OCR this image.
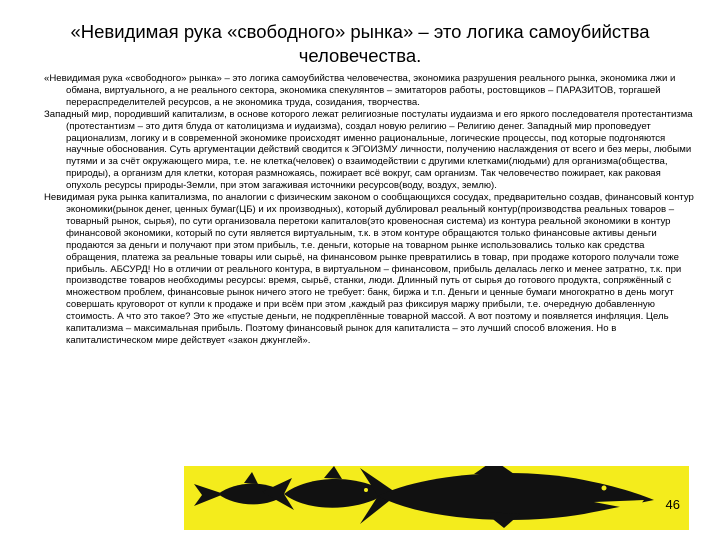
«Невидимая рука «свободного» рынка» – это логика самоубийства человечества.

«Невидимая рука «свободного» рынка» – это логика самоубийства человечества, экономика разрушения реального рынка, экономика лжи и обмана, виртуального, а не реального сектора, экономика спекулянтов – эмитаторов работы, ростовщиков – ПАРАЗИТОВ, торгашей перераспределителей ресурсов, а не экономика труда, созидания, творчества.

Западный мир, породивший капитализм, в основе которого лежат религиозные постулаты иудаизма и его яркого последователя протестантизма (протестантизм – это дитя блуда от католицизма и иудаизма), создал новую религию – Религию денег. Западный мир проповедует рационализм, логику и в современной экономике происходят именно рациональные, логические процессы, под которые подгоняются научные обоснования. Суть аргументации действий сводится к ЭГОИЗМУ личности, получению наслаждения от всего и без меры, любыми путями и за счёт окружающего мира, т.е. не клетка(человек) о взаимодействии с другими клетками(людьми) для организма(общества, природы), а организм для клетки, которая размножаясь, пожирает всё вокруг, сам организм. Так человечество пожирает, как раковая опухоль ресурсы природы-Земли, при этом загаживая источники ресурсов(воду, воздух, землю).

Невидимая рука рынка капитализма, по аналогии с физическим законом о сообщающихся сосудах, предварительно создав, финансовый контур экономики(рынок денег, ценных бумаг(ЦБ) и их производных), который дублировал реальный контур(производства реальных товаров – товарный рынок, сырья), по сути организовала перетоки капиталов(это кровеносная система) из контура реальной экономики в контур финансовой экономики, который по сути является виртуальным, т.к. в этом контуре обращаются только финансовые активы деньги продаются за деньги и получают при этом прибыль, т.е. деньги, которые на товарном рынке использовались только как средства обращения, платежа за реальные товары или сырьё, на финансовом рынке превратились в товар, при продаже которого получали тоже прибыль. АБСУРД! Но в отличии от реального контура, в виртуальном – финансовом, прибыль делалась легко и менее затратно, т.к. при производстве товаров необходимы ресурсы: время, сырьё, станки, люди. Длинный путь от сырья до готового продукта, сопряжённый с множеством проблем, финансовые рынок ничего этого не требует: банк, биржа и т.п. Деньги и ценные бумаги многократно в день могут совершать круговорот от купли к продаже и при всём при этом ,каждый раз фиксируя маржу прибыли, т.е. очередную добавленную стоимость. А что это такое? Это же «пустые деньги, не подкреплённые товарной массой. А вот поэтому и появляется инфляция. Цель капитализма – максимальная прибыль. Поэтому финансовый рынок для капиталиста – это лучший способ вложения. Но в капиталистическом мире действует «закон джунглей».

46
